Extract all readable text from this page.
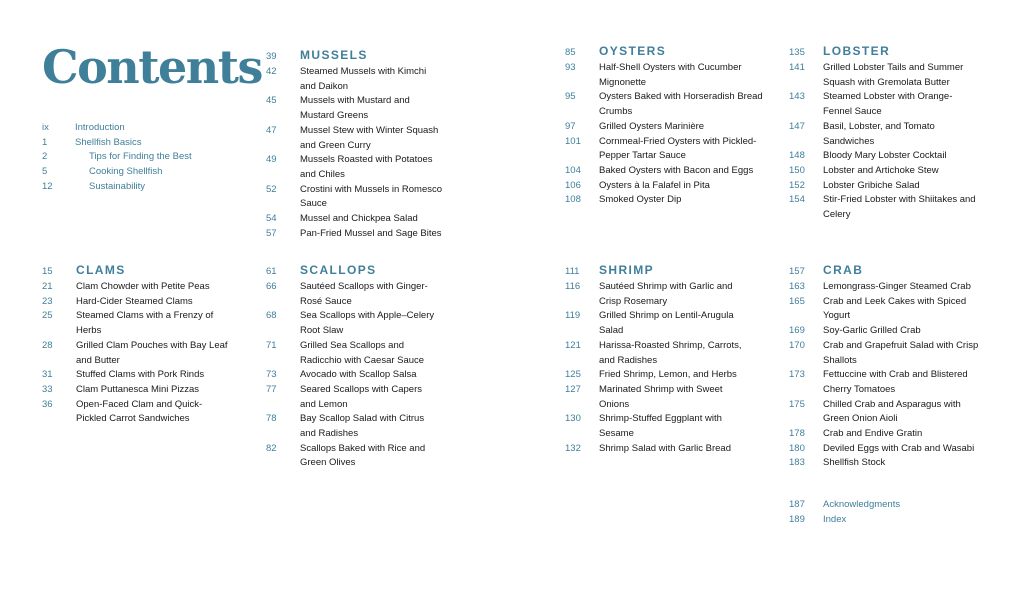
Contents
ix	Introduction
1	Shellfish Basics
2	Tips for Finding the Best
5	Cooking Shellfish
12	Sustainability
39	MUSSELS
42	Steamed Mussels with Kimchi
and Daikon
45	Mussels with Mustard and
Mustard Greens
47	Mussel Stew with Winter Squash
and Green Curry
49	Mussels Roasted with Potatoes
and Chiles
52	Crostini with Mussels in Romesco
Sauce
54	Mussel and Chickpea Salad
57	Pan-Fried Mussel and Sage Bites
85	OYSTERS
93	Half-Shell Oysters with Cucumber
Mignonette
95	Oysters Baked with Horseradish Bread
Crumbs
97	Grilled Oysters Marinière
101	Cornmeal-Fried Oysters with Pickled-
Pepper Tartar Sauce
104	Baked Oysters with Bacon and Eggs
106	Oysters à la Falafel in Pita
108	Smoked Oyster Dip
135	LOBSTER
141	Grilled Lobster Tails and Summer
Squash with Gremolata Butter
143	Steamed Lobster with Orange-
Fennel Sauce
147	Basil, Lobster, and Tomato
Sandwiches
148	Bloody Mary Lobster Cocktail
150	Lobster and Artichoke Stew
152	Lobster Gribiche Salad
154	Stir-Fried Lobster with Shiitakes and
Celery
15	CLAMS
21	Clam Chowder with Petite Peas
23	Hard-Cider Steamed Clams
25	Steamed Clams with a Frenzy of
Herbs
28	Grilled Clam Pouches with Bay Leaf
and Butter
31	Stuffed Clams with Pork Rinds
33	Clam Puttanesca Mini Pizzas
36	Open-Faced Clam and Quick-
Pickled Carrot Sandwiches
61	SCALLOPS
66	Sautéed Scallops with Ginger-
Rosé Sauce
68	Sea Scallops with Apple–Celery
Root Slaw
71	Grilled Sea Scallops and
Radicchio with Caesar Sauce
73	Avocado with Scallop Salsa
77	Seared Scallops with Capers
and Lemon
78	Bay Scallop Salad with Citrus
and Radishes
82	Scallops Baked with Rice and
Green Olives
111	SHRIMP
116	Sautéed Shrimp with Garlic and
Crisp Rosemary
119	Grilled Shrimp on Lentil-Arugula
Salad
121	Harissa-Roasted Shrimp, Carrots,
and Radishes
125	Fried Shrimp, Lemon, and Herbs
127	Marinated Shrimp with Sweet
Onions
130	Shrimp-Stuffed Eggplant with
Sesame
132	Shrimp Salad with Garlic Bread
157	CRAB
163	Lemongrass-Ginger Steamed Crab
165	Crab and Leek Cakes with Spiced
Yogurt
169	Soy-Garlic Grilled Crab
170	Crab and Grapefruit Salad with Crisp
Shallots
173	Fettuccine with Crab and Blistered
Cherry Tomatoes
175	Chilled Crab and Asparagus with
Green Onion Aioli
178	Crab and Endive Gratin
180	Deviled Eggs with Crab and Wasabi
183	Shellfish Stock
187	Acknowledgments
189	Index
